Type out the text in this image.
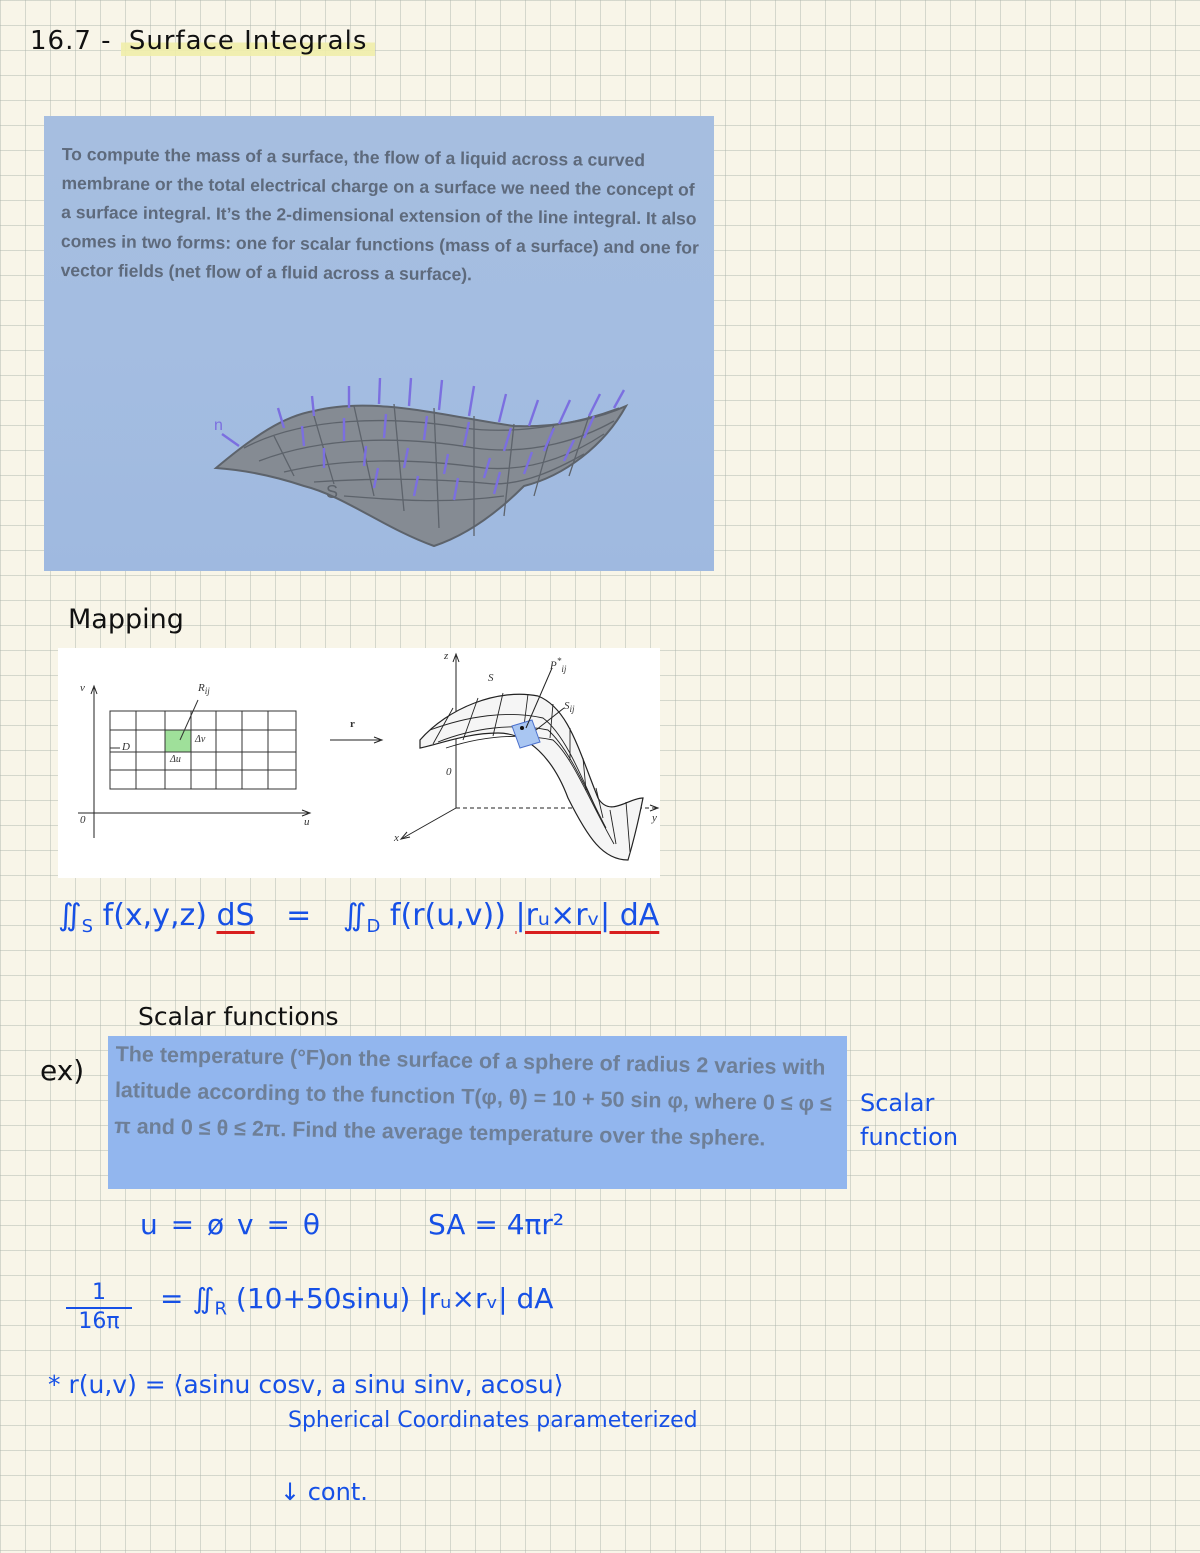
16.7 - Surface Integrals
To compute the mass of a surface, the flow of a liquid across a curved membrane or the total electrical charge on a surface we need the concept of a surface integral. It’s the 2-dimensional extension of the line integral. It also comes in two forms: one for scalar functions (mass of a surface) and one for vector fields (net flow of a fluid across a surface).
n
S
Mapping
v
u
0
$R_{ij}$
Δv
Δu
D
r
z
S
$P^*_{ij}$
$S_{ij}$
0
x
y
$∬_S$ f(x,y,z) dS = $∬_D$ f(r(u,v)) |rᵤ×rᵥ| dA
Scalar functions
The temperature (°F)on the surface of a sphere of radius 2 varies with latitude according to the function T(φ, θ) = 10 + 50 sin φ, where 0 ≤ φ ≤ π and 0 ≤ θ ≤ 2π. Find the average temperature over the sphere.
ex)
Scalar
function
u = ø v = θ	SA = 4πr²
$\frac{1}{16\pi}$ = $∬_R$ (10+50sinu) |rᵤ×rᵥ| dA
* r(u,v) = ⟨asinu cosv, a sinu sinv, acosu⟩
Spherical Coordinates parameterized
↓ cont.
